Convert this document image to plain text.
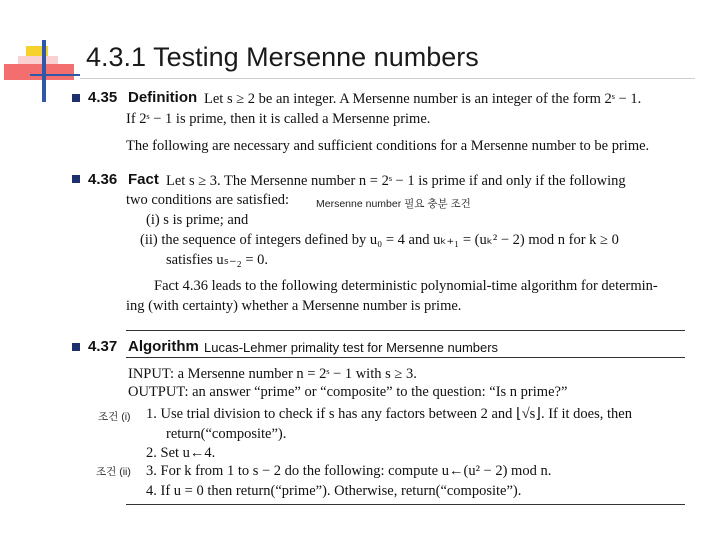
4.3.1 Testing Mersenne numbers
4.35 Definition Let s ≥ 2 be an integer. A Mersenne number is an integer of the form 2ˢ − 1.
If 2ˢ − 1 is prime, then it is called a Mersenne prime.
The following are necessary and sufficient conditions for a Mersenne number to be prime.
4.36 Fact Let s ≥ 3. The Mersenne number n = 2ˢ − 1 is prime if and only if the following
two conditions are satisfied:	Mersenne number 필요 충분 조건
(i) s is prime; and
(ii) the sequence of integers defined by u₀ = 4 and uₖ₊₁ = (uₖ² − 2) mod n for k ≥ 0
satisfies uₛ₋₂ = 0.
Fact 4.36 leads to the following deterministic polynomial-time algorithm for determin-
ing (with certainty) whether a Mersenne number is prime.
4.37 Algorithm Lucas-Lehmer primality test for Mersenne numbers
INPUT: a Mersenne number n = 2ˢ − 1 with s ≥ 3.
OUTPUT: an answer “prime” or “composite” to the question: “Is n prime?”
조건 (i) 1. Use trial division to check if s has any factors between 2 and ⌊√s⌋. If it does, then
return(“composite”).
2. Set u←4.
조건 (ii) 3. For k from 1 to s − 2 do the following: compute u←(u² − 2) mod n.
4. If u = 0 then return(“prime”). Otherwise, return(“composite”).
